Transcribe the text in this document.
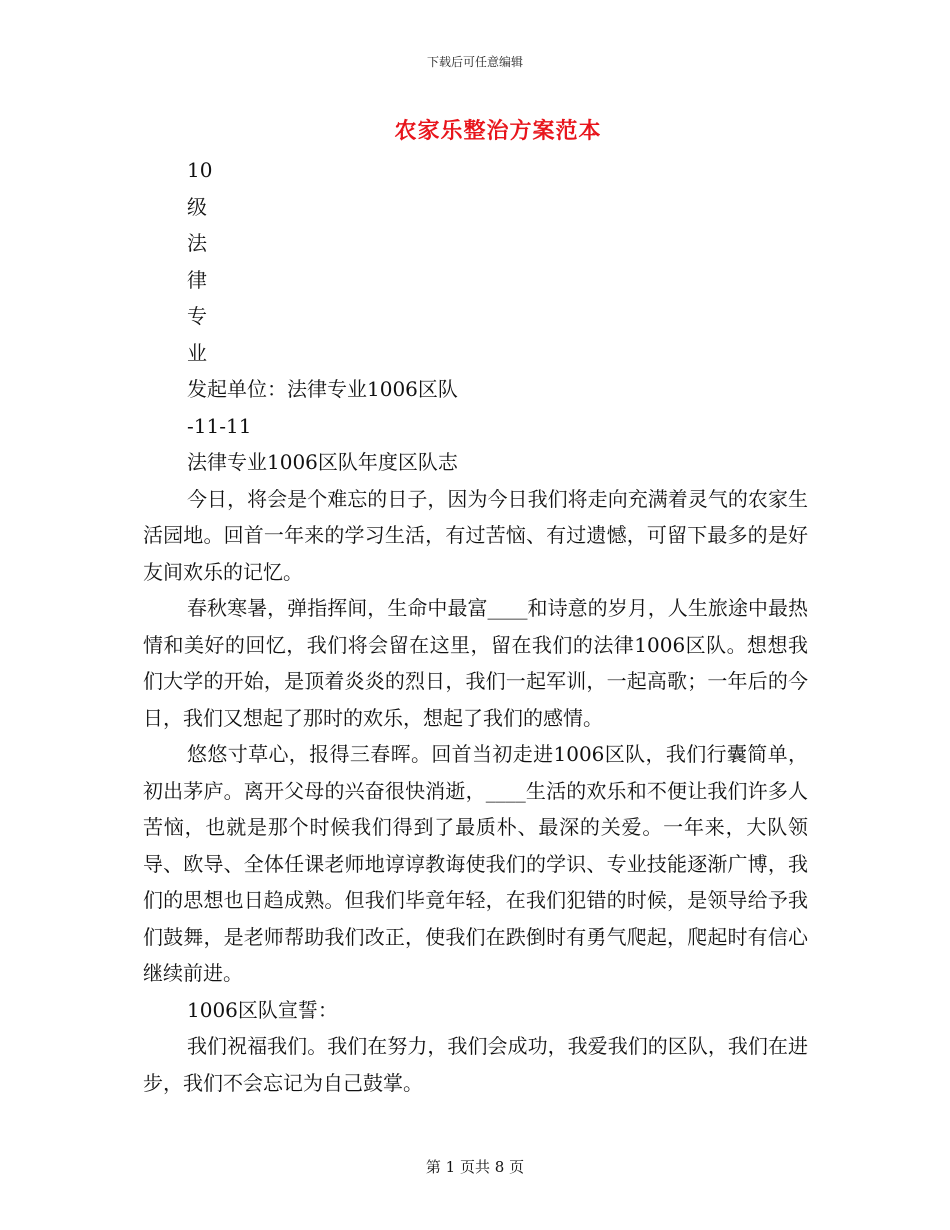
下载后可任意编辑
农家乐整治方案范本
10
级
法
律
专
业
发起单位：法律专业1006区队
-11-11
法律专业1006区队年度区队志

今日，将会是个难忘的日子，因为今日我们将走向充满着灵气的农家生活园地。回首一年来的学习生活，有过苦恼、有过遗憾，可留下最多的是好友间欢乐的记忆。

春秋寒暑，弹指挥间，生命中最富____和诗意的岁月，人生旅途中最热情和美好的回忆，我们将会留在这里，留在我们的法律1006区队。想想我们大学的开始，是顶着炎炎的烈日，我们一起军训，一起高歌；一年后的今日，我们又想起了那时的欢乐，想起了我们的感情。

悠悠寸草心，报得三春晖。回首当初走进1006区队，我们行囊简单，初出茅庐。离开父母的兴奋很快消逝，____生活的欢乐和不便让我们许多人苦恼，也就是那个时候我们得到了最质朴、最深的关爱。一年来，大队领导、欧导、全体任课老师地谆谆教诲使我们的学识、专业技能逐渐广博，我们的思想也日趋成熟。但我们毕竟年轻，在我们犯错的时候，是领导给予我们鼓舞，是老师帮助我们改正，使我们在跌倒时有勇气爬起，爬起时有信心继续前进。

1006区队宣誓：

我们祝福我们。我们在努力，我们会成功，我爱我们的区队，我们在进步，我们不会忘记为自己鼓掌。

第 1 页共 8 页
